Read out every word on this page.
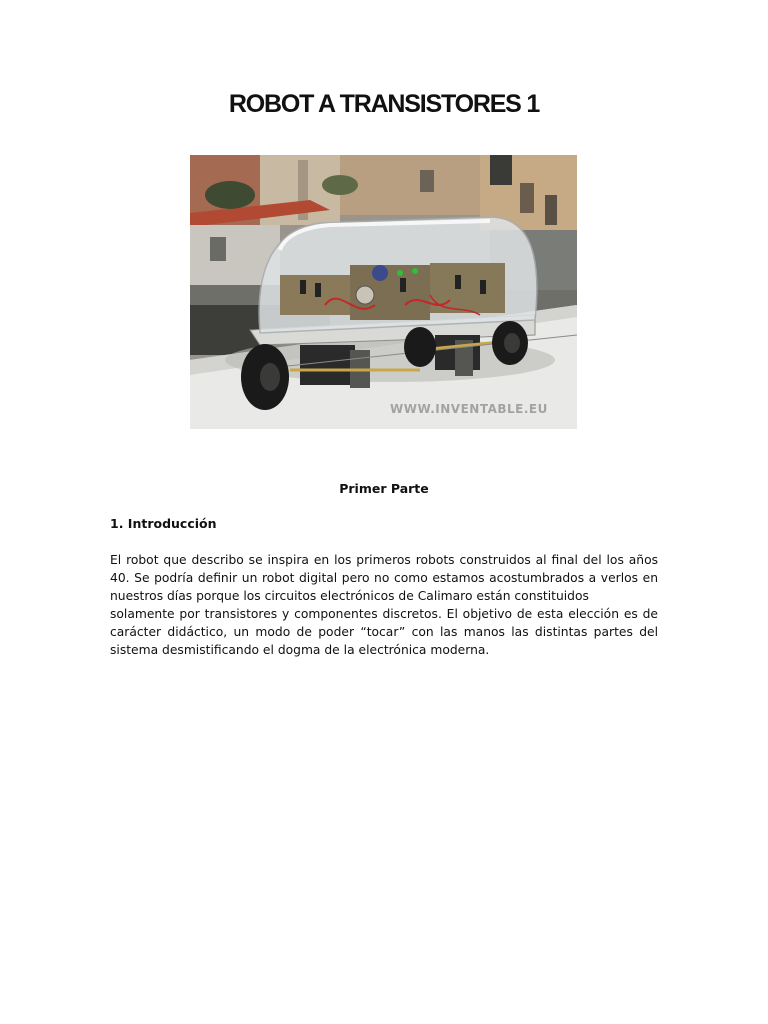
ROBOT A TRANSISTORES 1
WWW.INVENTABLE.EU
Primer Parte
1. Introducción

El robot que describo se inspira en los primeros robots construidos al final del los años
40. Se podría definir un robot digital pero no como estamos acostumbrados a verlos en
nuestros días porque los circuitos electrónicos de Calimaro están constituidos
solamente por transistores y componentes discretos. El objetivo de esta elección es de
carácter didáctico, un modo de poder “tocar” con las manos las distintas partes del
sistema desmistificando el dogma de la electrónica moderna.
